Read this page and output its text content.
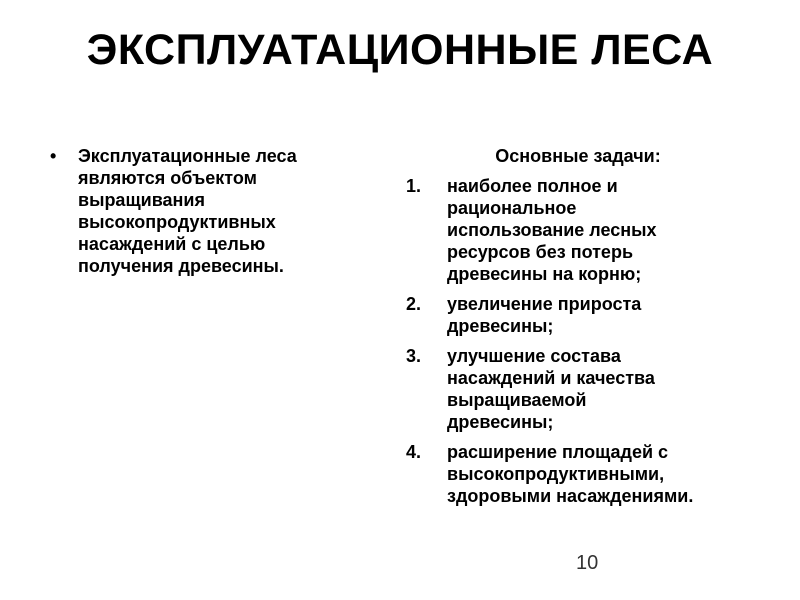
ЭКСПЛУАТАЦИОННЫЕ ЛЕСА
•	Эксплуатационные леса
являются объектом
выращивания
высокопродуктивных
насаждений с целью
получения древесины.
Основные задачи:
1.	наиболее полное и
рациональное
использование лесных
ресурсов без потерь
древесины на корню;
2.	увеличение прироста
древесины;
3.	улучшение состава
насаждений и качества
выращиваемой
древесины;
4.	расширение площадей с
высокопродуктивными,
здоровыми насаждениями.
10
